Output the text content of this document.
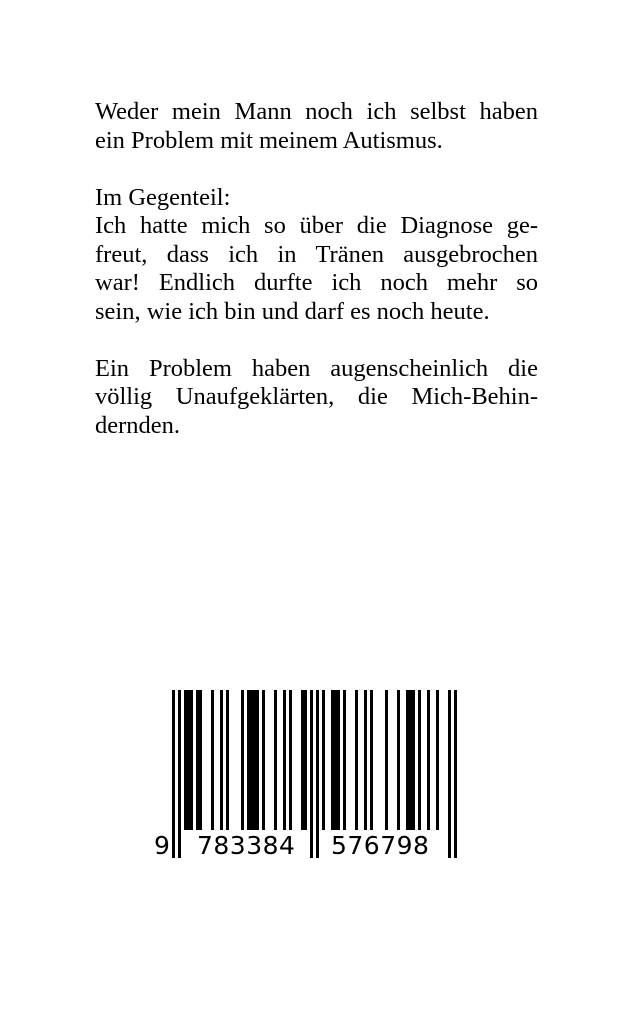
Weder mein Mann noch ich selbst haben
ein Problem mit meinem Autismus.
Im Gegenteil:
Ich hatte mich so über die Diagnose ge-
freut, dass ich in Tränen ausgebrochen
war! Endlich durfte ich noch mehr so
sein, wie ich bin und darf es noch heute.
Ein Problem haben augenscheinlich die
völlig Unaufgeklärten, die Mich-Behin-
dernden.
9 783384 576798
